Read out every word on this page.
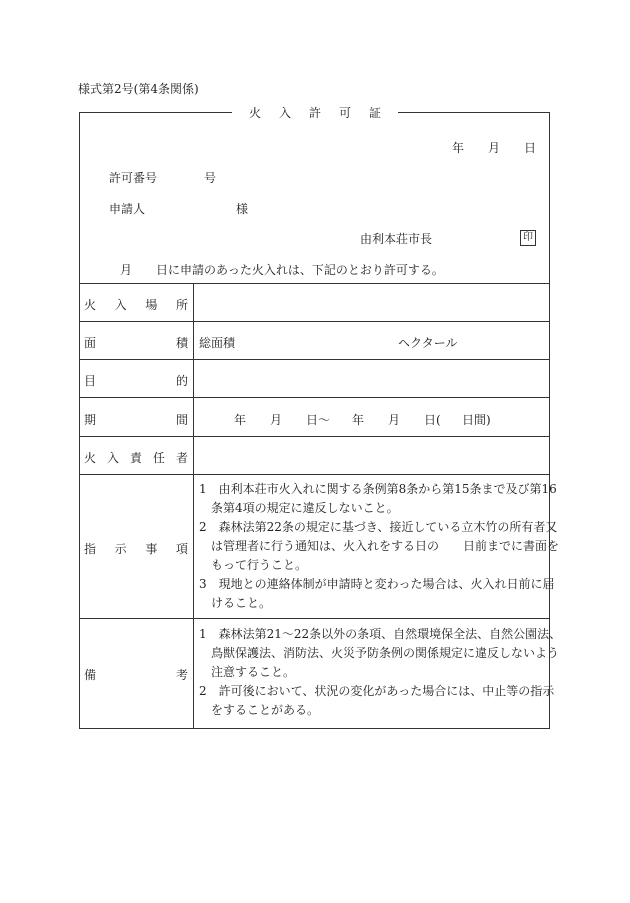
様式第2号(第4条関係)
火 入 許 可 証
年 月 日
許可番号	号
申請人	様
由利本荘市長	印
月 日に申請のあった火入れは、下記のとおり許可する。
火 入 場 所
面	積 総面積	ヘクタール
目	的
期	間	年 月 日〜 年 月 日( 日間)
火 入 責 任 者
指 示 事 項
1　由利本荘市火入れに関する条例第8条から第15条まで及び第16
　条第4項の規定に違反しないこと。
2　森林法第22条の規定に基づき、接近している立木竹の所有者又
　は管理者に行う通知は、火入れをする日の　　日前までに書面を
　もって行うこと。
3　現地との連絡体制が申請時と変わった場合は、火入れ日前に届
　けること。
備	考
1　森林法第21〜22条以外の条項、自然環境保全法、自然公園法、
　鳥獣保護法、消防法、火災予防条例の関係規定に違反しないよう
　注意すること。
2　許可後において、状況の変化があった場合には、中止等の指示
　をすることがある。
